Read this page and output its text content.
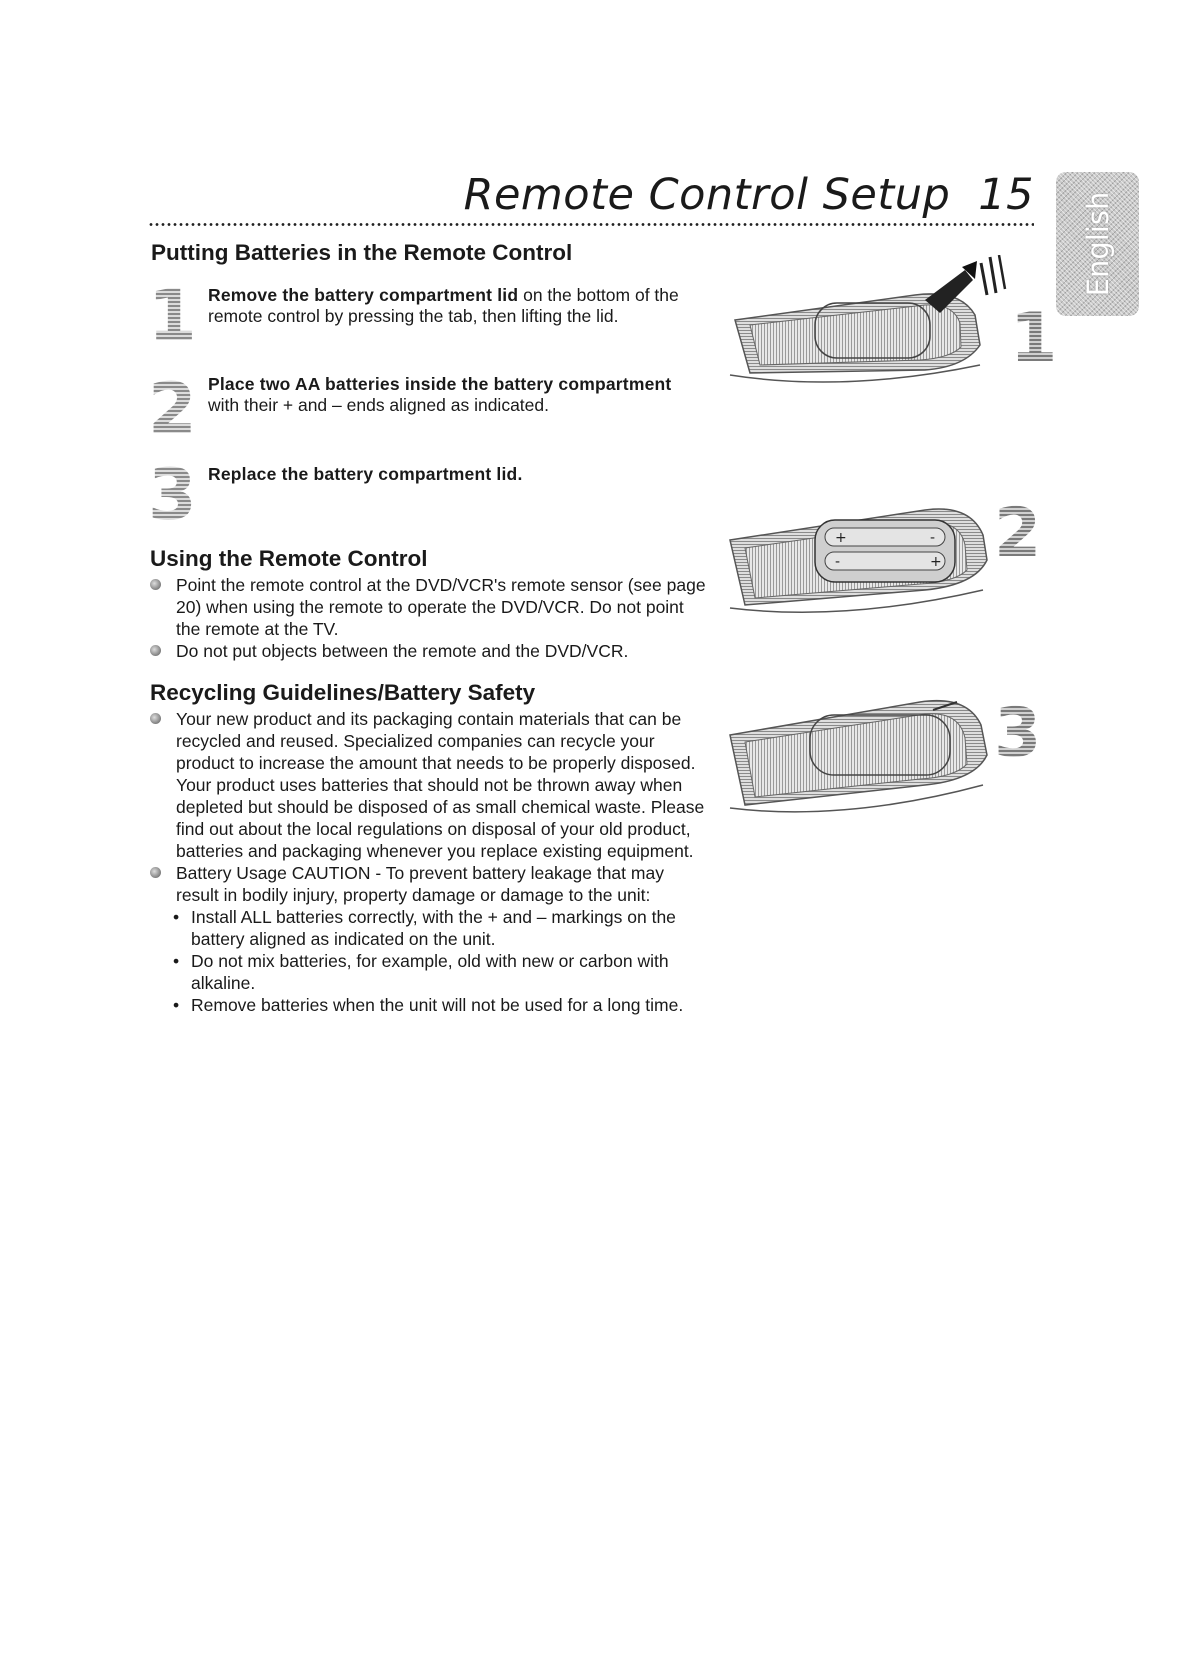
Remote Control Setup 15 English
Putting Batteries in the Remote Control
1 Remove the battery compartment lid on the bottom of the remote control by pressing the tab, then lifting the lid.
2 Place two AA batteries inside the battery compartment with their + and – ends aligned as indicated.
3 Replace the battery compartment lid.
Using the Remote Control
Point the remote control at the DVD/VCR's remote sensor (see page 20) when using the remote to operate the DVD/VCR. Do not point the remote at the TV.
Do not put objects between the remote and the DVD/VCR.
Recycling Guidelines/Battery Safety
Your new product and its packaging contain materials that can be recycled and reused. Specialized companies can recycle your product to increase the amount that needs to be properly disposed. Your product uses batteries that should not be thrown away when depleted but should be disposed of as small chemical waste. Please find out about the local regulations on disposal of your old product, batteries and packaging whenever you replace existing equipment.
Battery Usage CAUTION - To prevent battery leakage that may result in bodily injury, property damage or damage to the unit:
• Install ALL batteries correctly, with the + and – markings on the battery aligned as indicated on the unit.
• Do not mix batteries, for example, old with new or carbon with alkaline.
• Remove batteries when the unit will not be used for a long time.
1
+	-
-	+ 2
3
